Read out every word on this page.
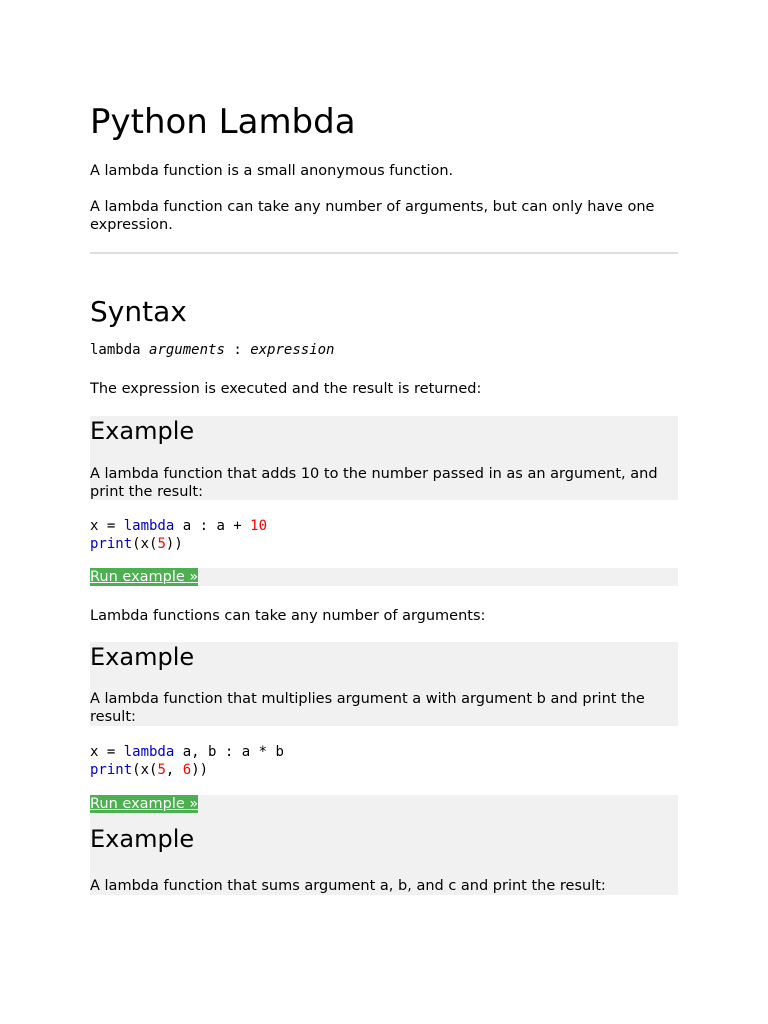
Python Lambda

A lambda function is a small anonymous function.

A lambda function can take any number of arguments, but can only have one expression.

Syntax
lambda arguments : expression

The expression is executed and the result is returned:

Example

A lambda function that adds 10 to the number passed in as an argument, and print the result:

x = lambda a : a + 10
print(x(5))
Run example »

Lambda functions can take any number of arguments:

Example

A lambda function that multiplies argument a with argument b and print the result:

x = lambda a, b : a * b
print(x(5, 6))
Run example »
Example

A lambda function that sums argument a, b, and c and print the result:
